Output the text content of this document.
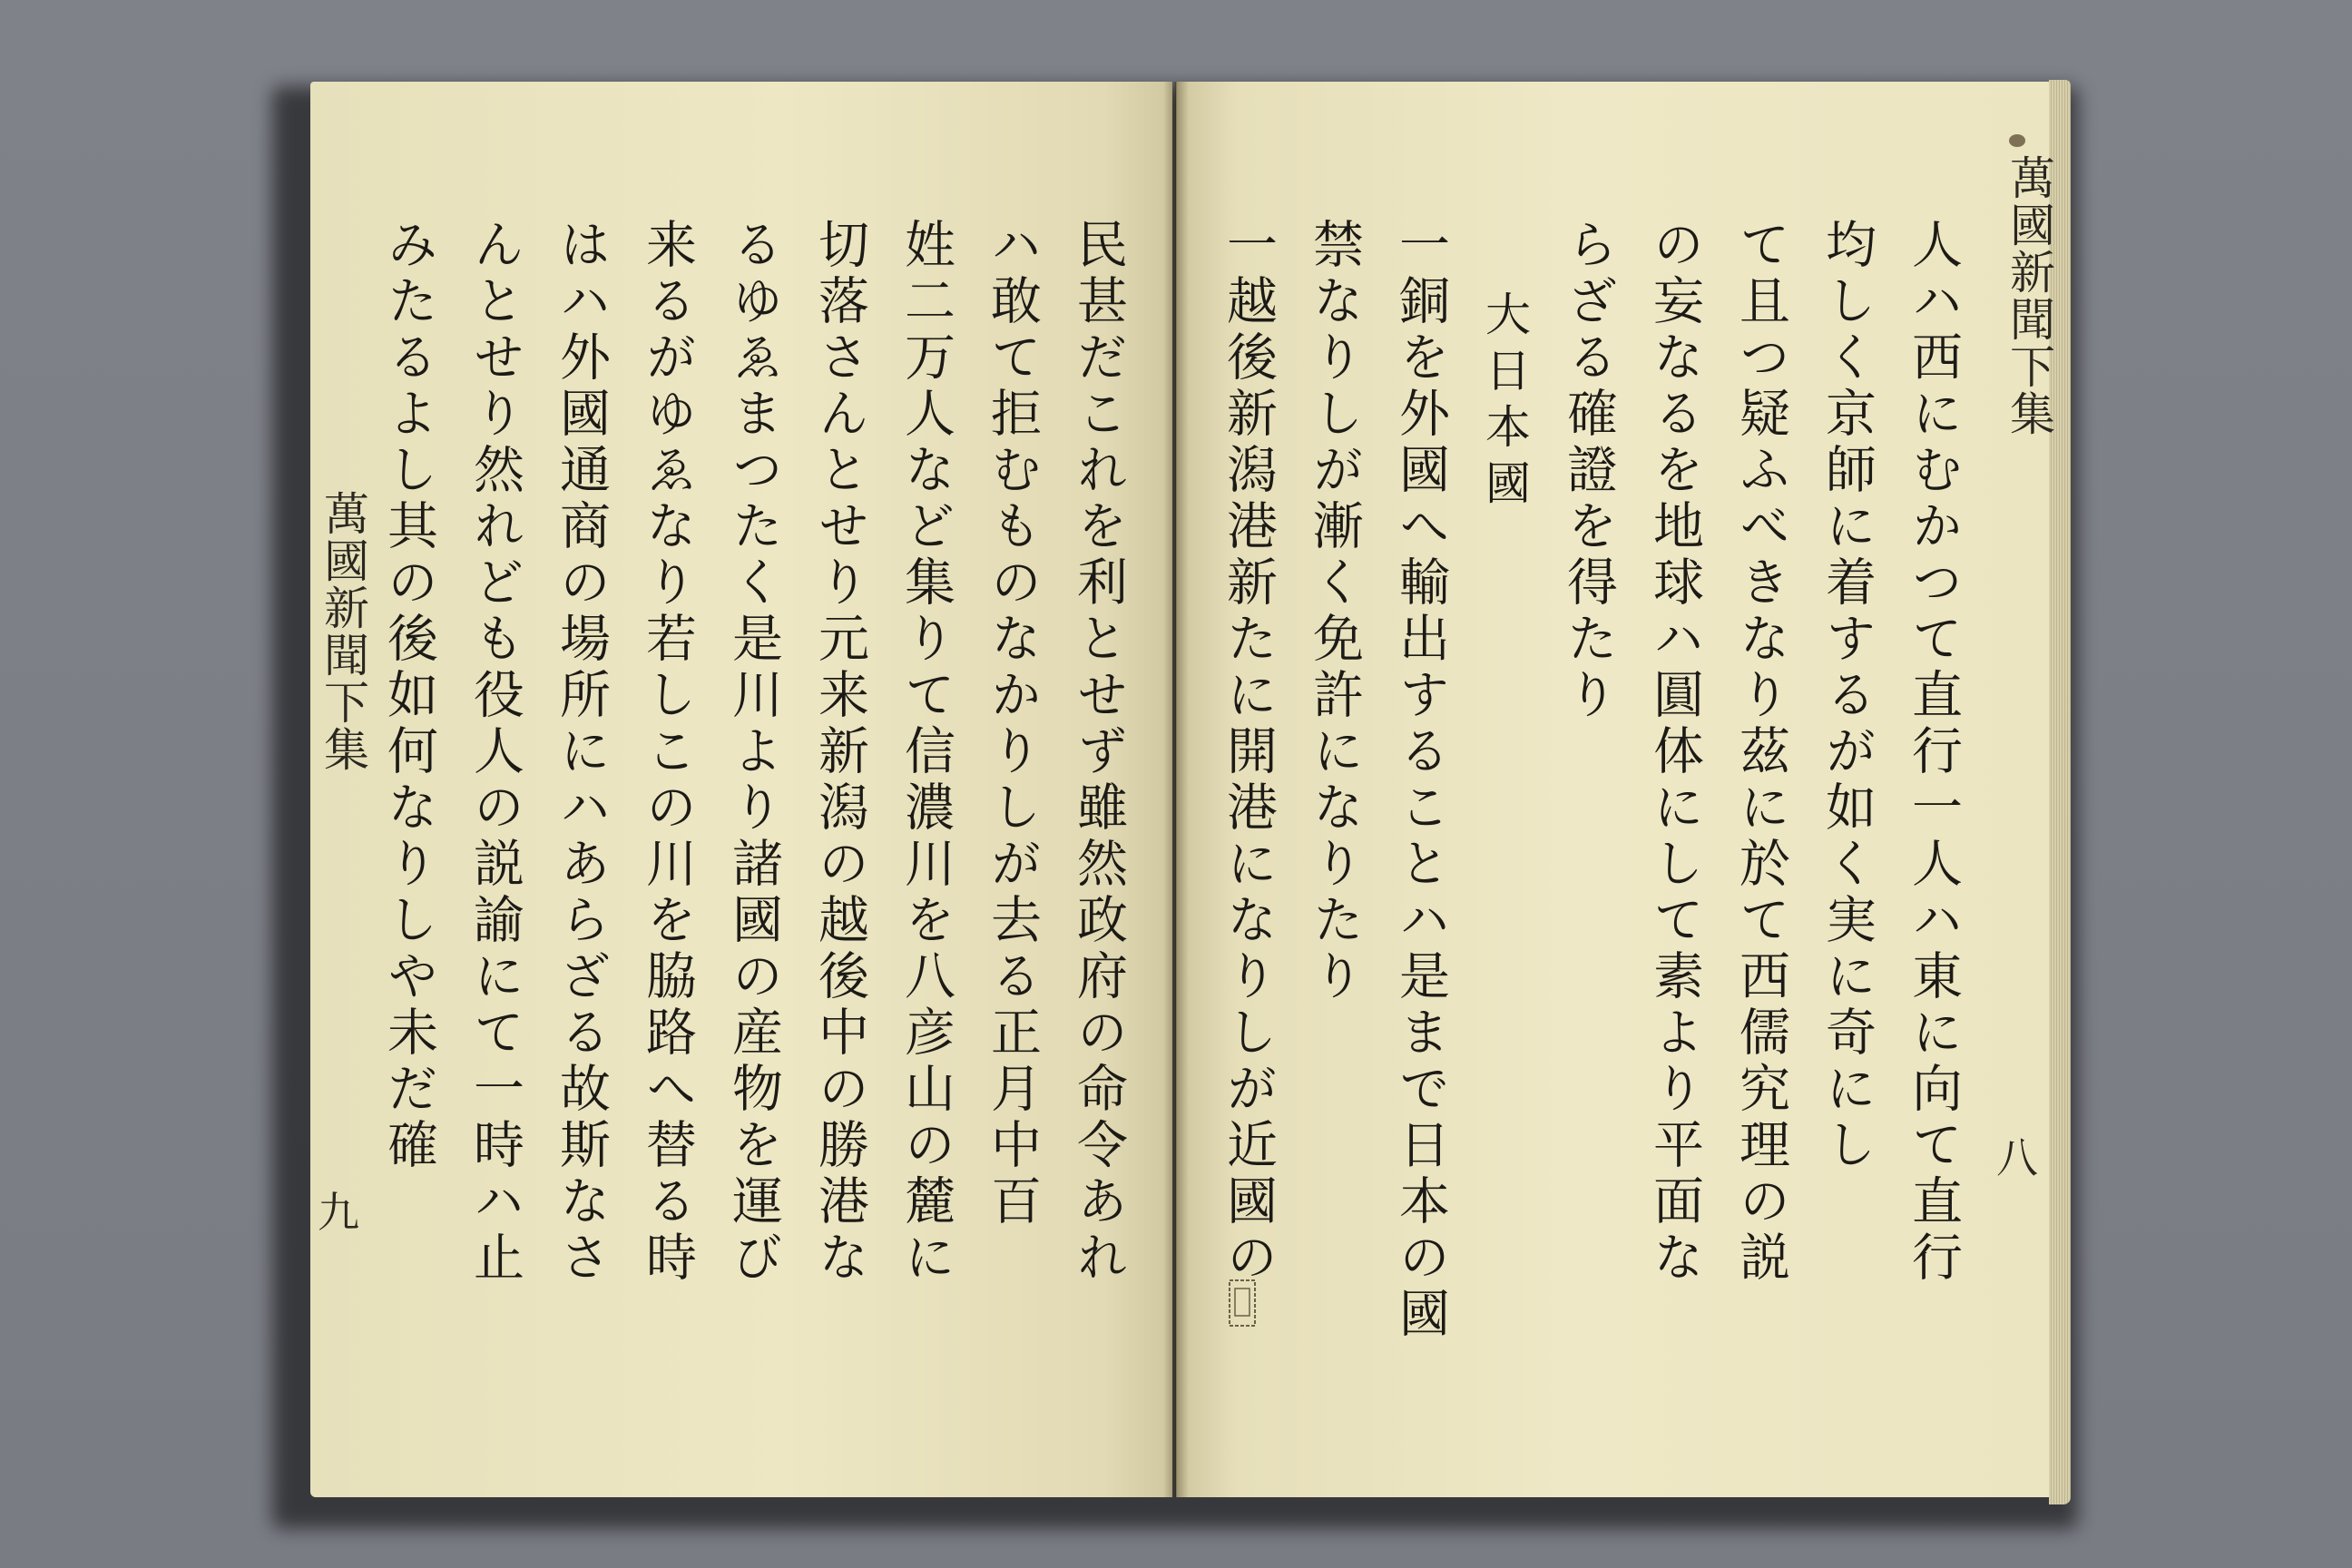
萬國新聞下集
九	民甚だこれを利とせず雖然政府の命令あれ

ハ敢て拒むものなかりしが去る正月中百

姓二万人など集りて信濃川を八彦山の麓に

切落さんとせり元来新潟の越後中の勝港な

るゆゑまつたく是川より諸國の産物を運び

来るがゆゑなり若しこの川を脇路へ替る時

はハ外國通商の場所にハあらざる故斯なさ

んとせり然れども役人の説諭にて一時ハ止

みたるよし其の後如何なりしや未だ確	萬國新聞下集
八

人ハ西にむかつて直行一人ハ東に向て直行

均しく京師に着するが如く実に奇にし

て且つ疑ふべきなり茲に於て西儒究理の説

の妄なるを地球ハ圓体にして素より平面な

らざる確證を得たり

大日本國

一銅を外國へ輸出することハ是まで日本の國

禁なりしが漸く免許になりたり

一越後新潟港新たに開港になりしが近國の
